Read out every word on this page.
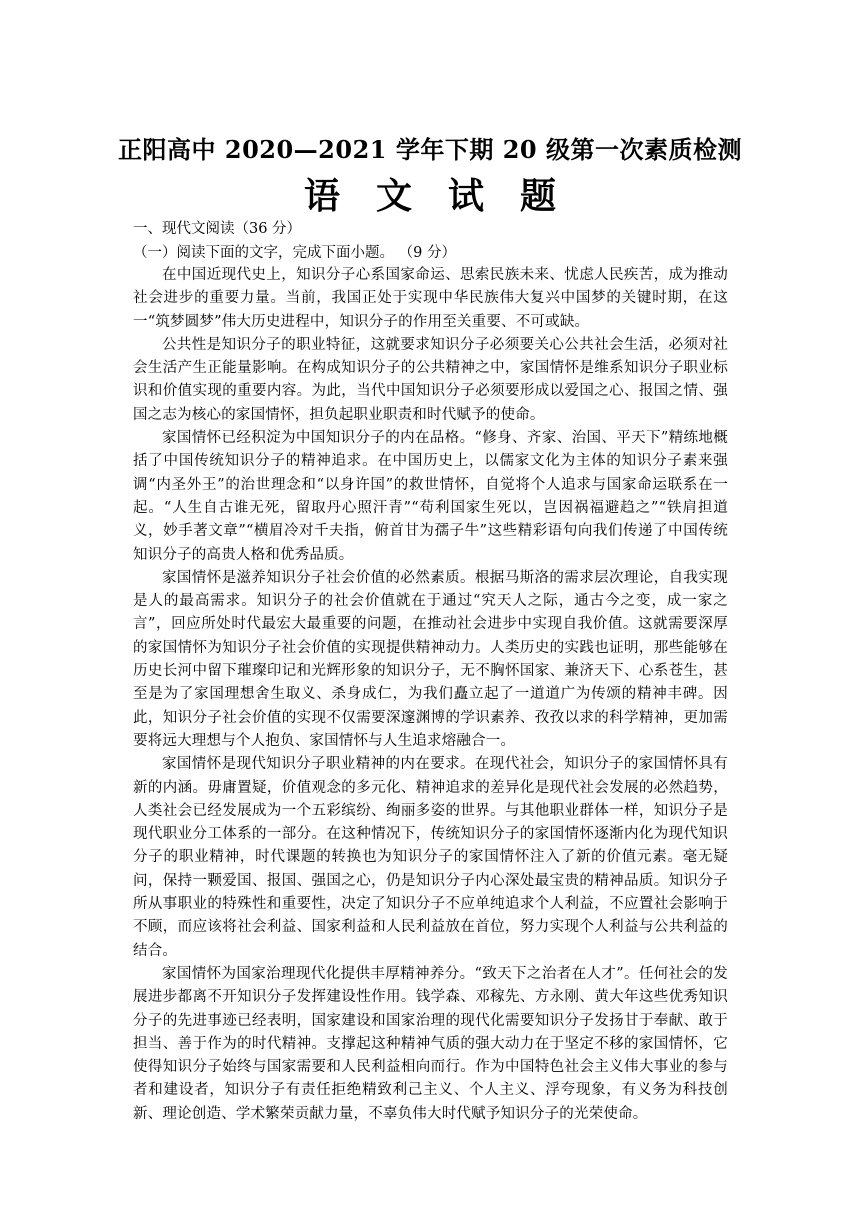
正阳高中 2020—2021 学年下期 20 级第一次素质检测
语文试题
一、现代文阅读（36 分）
（一）阅读下面的文字，完成下面小题。 （9 分）

在中国近现代史上，知识分子心系国家命运、思索民族未来、忧虑人民疾苦，成为推动社会进步的重要力量。当前，我国正处于实现中华民族伟大复兴中国梦的关键时期，在这一“筑梦圆梦”伟大历史进程中，知识分子的作用至关重要、不可或缺。

公共性是知识分子的职业特征，这就要求知识分子必须要关心公共社会生活，必须对社会生活产生正能量影响。在构成知识分子的公共精神之中，家国情怀是维系知识分子职业标识和价值实现的重要内容。为此，当代中国知识分子必须要形成以爱国之心、报国之情、强国之志为核心的家国情怀，担负起职业职责和时代赋予的使命。

家国情怀已经积淀为中国知识分子的内在品格。“修身、齐家、治国、平天下”精练地概括了中国传统知识分子的精神追求。在中国历史上，以儒家文化为主体的知识分子素来强调“内圣外王”的治世理念和“以身许国”的救世情怀，自觉将个人追求与国家命运联系在一起。“人生自古谁无死，留取丹心照汗青”“苟利国家生死以，岂因祸福避趋之”“铁肩担道义，妙手著文章”“横眉冷对千夫指，俯首甘为孺子牛”这些精彩语句向我们传递了中国传统知识分子的高贵人格和优秀品质。

家国情怀是滋养知识分子社会价值的必然素质。根据马斯洛的需求层次理论，自我实现是人的最高需求。知识分子的社会价值就在于通过“究天人之际，通古今之变，成一家之言”，回应所处时代最宏大最重要的问题，在推动社会进步中实现自我价值。这就需要深厚的家国情怀为知识分子社会价值的实现提供精神动力。人类历史的实践也证明，那些能够在历史长河中留下璀璨印记和光辉形象的知识分子，无不胸怀国家、兼济天下、心系苍生，甚至是为了家国理想舍生取义、杀身成仁，为我们矗立起了一道道广为传颂的精神丰碑。因此，知识分子社会价值的实现不仅需要深邃渊博的学识素养、孜孜以求的科学精神，更加需要将远大理想与个人抱负、家国情怀与人生追求熔融合一。

家国情怀是现代知识分子职业精神的内在要求。在现代社会，知识分子的家国情怀具有新的内涵。毋庸置疑，价值观念的多元化、精神追求的差异化是现代社会发展的必然趋势，人类社会已经发展成为一个五彩缤纷、绚丽多姿的世界。与其他职业群体一样，知识分子是现代职业分工体系的一部分。在这种情况下，传统知识分子的家国情怀逐渐内化为现代知识分子的职业精神，时代课题的转换也为知识分子的家国情怀注入了新的价值元素。毫无疑问，保持一颗爱国、报国、强国之心，仍是知识分子内心深处最宝贵的精神品质。知识分子所从事职业的特殊性和重要性，决定了知识分子不应单纯追求个人利益，不应置社会影响于不顾，而应该将社会利益、国家利益和人民利益放在首位，努力实现个人利益与公共利益的结合。

家国情怀为国家治理现代化提供丰厚精神养分。“致天下之治者在人才”。任何社会的发展进步都离不开知识分子发挥建设性作用。钱学森、邓稼先、方永刚、黄大年这些优秀知识分子的先进事迹已经表明，国家建设和国家治理的现代化需要知识分子发扬甘于奉献、敢于担当、善于作为的时代精神。支撑起这种精神气质的强大动力在于坚定不移的家国情怀，它使得知识分子始终与国家需要和人民利益相向而行。作为中国特色社会主义伟大事业的参与者和建设者，知识分子有责任拒绝精致利己主义、个人主义、浮夸现象，有义务为科技创新、理论创造、学术繁荣贡献力量，不辜负伟大时代赋予知识分子的光荣使命。
